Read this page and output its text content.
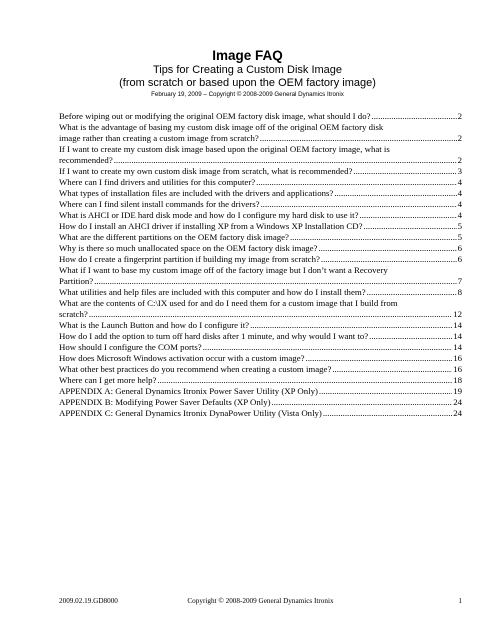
Image FAQ
Tips for Creating a Custom Disk Image
(from scratch or based upon the OEM factory image)
February 19, 2009 – Copyright © 2008-2009 General Dynamics Itronix
Before wiping out or modifying the original OEM factory disk image, what should I do? .....	2
What is the advantage of basing my custom disk image off of the original OEM factory disk
image rather than creating a custom image from scratch? .....	2
If I want to create my custom disk image based upon the original OEM factory image, what is
recommended? .....	2
If I want to create my own custom disk image from scratch, what is recommended? .....	3
Where can I find drivers and utilities for this computer? .....	4
What types of installation files are included with the drivers and applications? .....	4
Where can I find silent install commands for the drivers? .....	4
What is AHCI or IDE hard disk mode and how do I configure my hard disk to use it? .....	4
How do I install an AHCI driver if installing XP from a Windows XP Installation CD? .....	5
What are the different partitions on the OEM factory disk image? .....	5
Why is there so much unallocated space on the OEM factory disk image? .....	6
How do I create a fingerprint partition if building my image from scratch? .....	6
What if I want to base my custom image off of the factory image but I don’t want a Recovery
Partition? .....	7
What utilities and help files are included with this computer and how do I install them? .....	8
What are the contents of C:\IX used for and do I need them for a custom image that I build from
scratch? .....	12
What is the Launch Button and how do I configure it? .....	14
How do I add the option to turn off hard disks after 1 minute, and why would I want to? .....	14
How should I configure the COM ports? .....	14
How does Microsoft Windows activation occur with a custom image? .....	16
What other best practices do you recommend when creating a custom image? .....	16
Where can I get more help? .....	18
APPENDIX A: General Dynamics Itronix Power Saver Utility (XP Only) .....	19
APPENDIX B: Modifying Power Saver Defaults (XP Only) .....	24
APPENDIX C: General Dynamics Itronix DynaPower Utility (Vista Only) .....	24
2009.02.19.GD8000	Copyright © 2008-2009 General Dynamics Itronix	1
